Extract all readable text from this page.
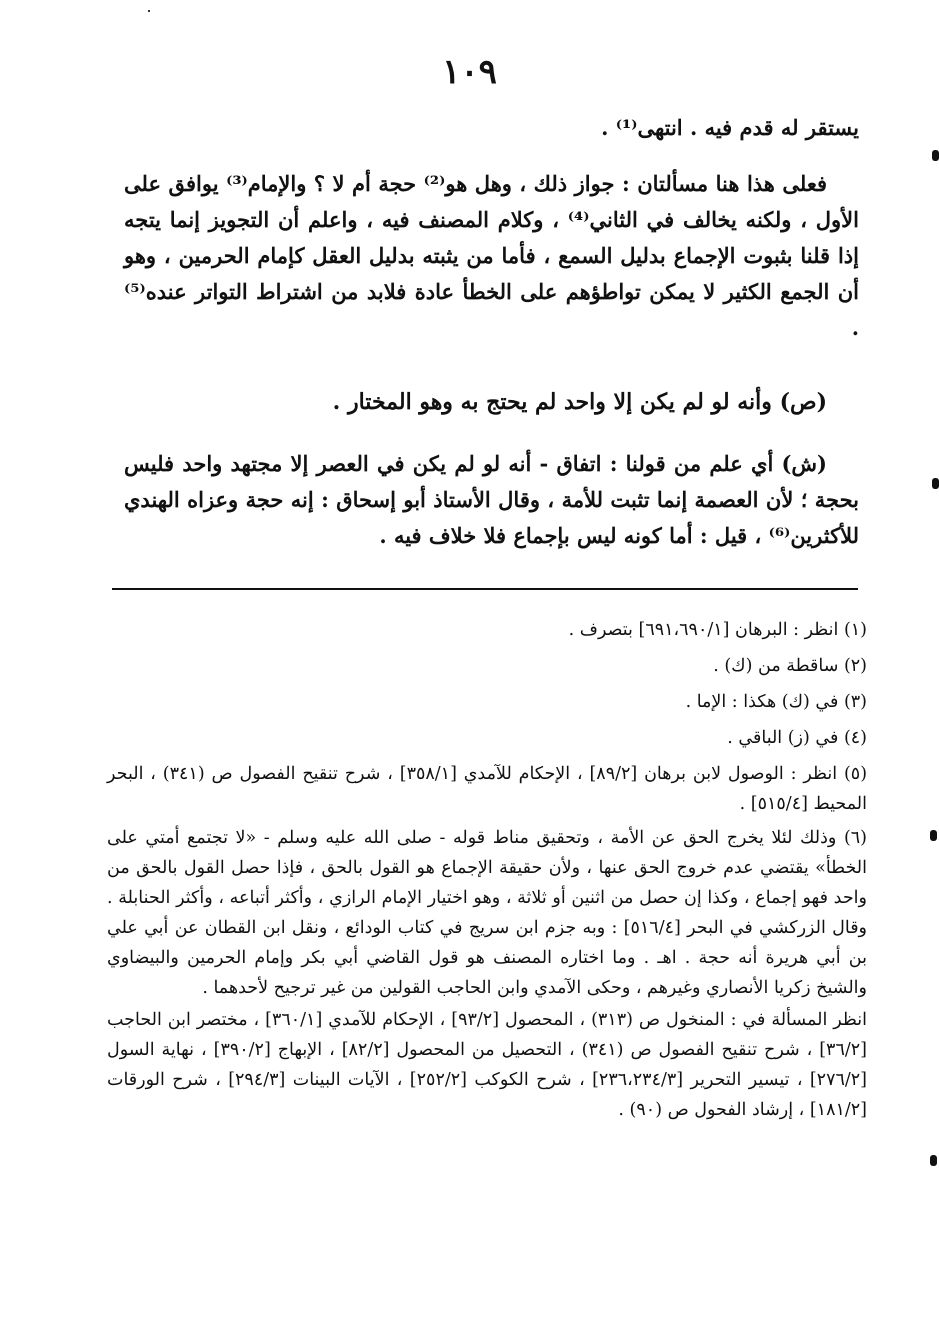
١٠٩

يستقر له قدم فيه . انتهى⁽¹⁾ .

فعلى هذا هنا مسألتان : جواز ذلك ، وهل هو⁽²⁾ حجة أم لا ؟ والإمام⁽³⁾ يوافق على الأول ، ولكنه يخالف في الثاني⁽⁴⁾ ، وكلام المصنف فيه ، واعلم أن التجويز إنما يتجه إذا قلنا بثبوت الإجماع بدليل السمع ، فأما من يثبته بدليل العقل كإمام الحرمين ، وهو أن الجمع الكثير لا يمكن تواطؤهم على الخطأ عادة فلابد من اشتراط التواتر عنده⁽⁵⁾ .

(ص) وأنه لو لم يكن إلا واحد لم يحتج به وهو المختار .

(ش) أي علم من قولنا : اتفاق - أنه لو لم يكن في العصر إلا مجتهد واحد فليس بحجة ؛ لأن العصمة إنما تثبت للأمة ، وقال الأستاذ أبو إسحاق : إنه حجة وعزاه الهندي للأكثرين⁽⁶⁾ ، قيل : أما كونه ليس بإجماع فلا خلاف فيه .

(١) انظر : البرهان [٦٩١،٦٩٠/١] بتصرف .

(٢) ساقطة من (ك) .

(٣) في (ك) هكذا : الإما .

(٤) في (ز) الباقي .

(٥) انظر : الوصول لابن برهان [٨٩/٢] ، الإحكام للآمدي [٣٥٨/١] ، شرح تنقيح الفصول ص (٣٤١) ، البحر المحيط [٥١٥/٤] .

(٦) وذلك لئلا يخرج الحق عن الأمة ، وتحقيق مناط قوله - صلى الله عليه وسلم - «لا تجتمع أمتي على الخطأ» يقتضي عدم خروج الحق عنها ، ولأن حقيقة الإجماع هو القول بالحق ، فإذا حصل القول بالحق من واحد فهو إجماع ، وكذا إن حصل من اثنين أو ثلاثة ، وهو اختيار الإمام الرازي ، وأكثر أتباعه ، وأكثر الحنابلة . وقال الزركشي في البحر [٥١٦/٤] : وبه جزم ابن سريج في كتاب الودائع ، ونقل ابن القطان عن أبي علي بن أبي هريرة أنه حجة . اهـ . وما اختاره المصنف هو قول القاضي أبي بكر وإمام الحرمين والبيضاوي والشيخ زكريا الأنصاري وغيرهم ، وحكى الآمدي وابن الحاجب القولين من غير ترجيح لأحدهما .

انظر المسألة في : المنخول ص (٣١٣) ، المحصول [٩٣/٢] ، الإحكام للآمدي [٣٦٠/١] ، مختصر ابن الحاجب [٣٦/٢] ، شرح تنقيح الفصول ص (٣٤١) ، التحصيل من المحصول [٨٢/٢] ، الإبهاج [٣٩٠/٢] ، نهاية السول [٢٧٦/٢] ، تيسير التحرير [٢٣٦،٢٣٤/٣] ، شرح الكوكب [٢٥٢/٢] ، الآيات البينات [٢٩٤/٣] ، شرح الورقات [١٨١/٢] ، إرشاد الفحول ص (٩٠) .
